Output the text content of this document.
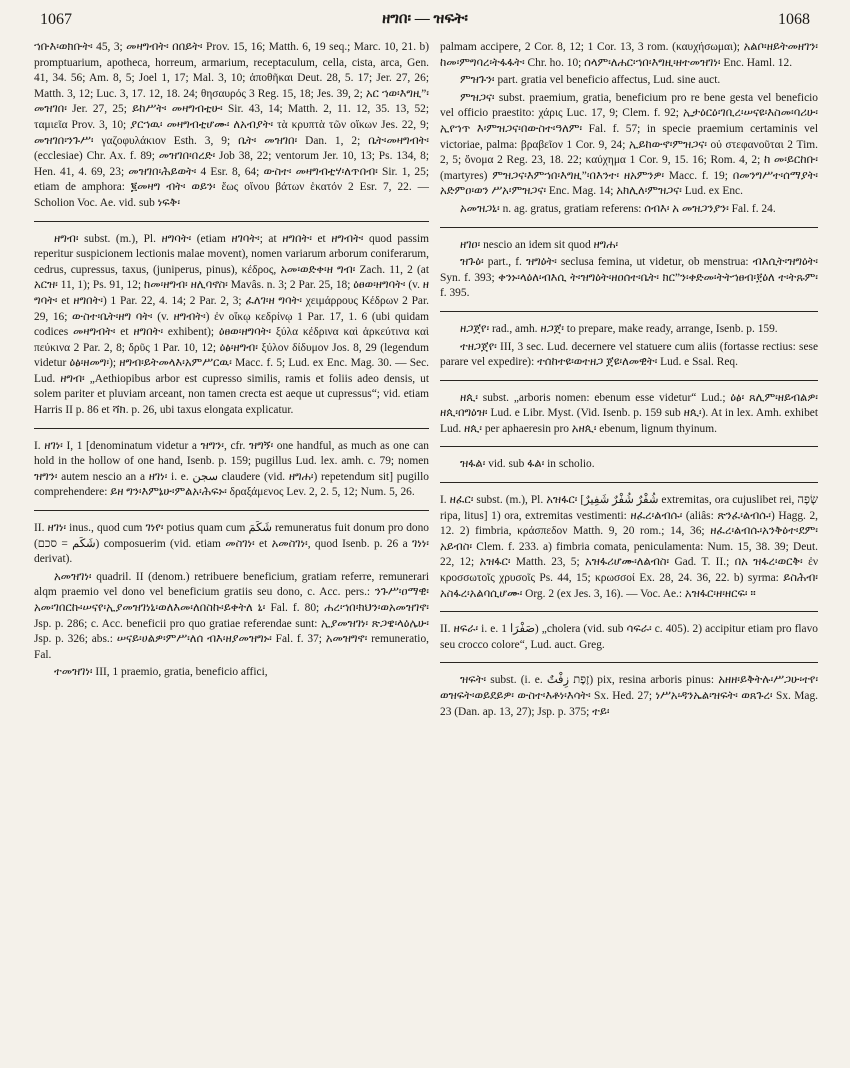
1067	ዘግበ፡ — ዝፍት፡	1068

ኀቡእ፡ወክቡት፡ 45, 3; መዛግብት፡ በበይት፡ Prov. 15, 16; Matth. 6, 19 seq.; Marc. 10, 21. b) promptuarium, apotheca, horreum, armarium, receptaculum, cella, cista, arca, Gen. 41, 34. 56; Am. 8, 5; Joel 1, 17; Mal. 3, 10; ἀποθῆκαι Deut. 28, 5. 17; Jer. 27, 26; Matth. 3, 12; Luc. 3, 17. 12, 18. 24; θησαυρός 3 Reg. 15, 18; Jes. 39, 2; አር ኀወ፡እግዚ”፡ መዝገበ፡ Jer. 27, 25; ይከሥት፡ መዛግብቲሁ፡ Sir. 43, 14; Matth. 2, 11. 12, 35. 13, 52; ταμιεῖα Prov. 3, 10; ያርኀዉ፡ መዛግብቲሆሙ፡ ለአብያት፡ τὰ κρυπτὰ τῶν οἴκων Jes. 22, 9; መዝገበ፡ንጉሥ፡ γαζοφυλάκιον Esth. 3, 9; ቤት፡ መዝገበ፡ Dan. 1, 2; ቤት፡መዛግብት፡ (ecclesiae) Chr. Ax. f. 89; መዝገበ፡በረድ፡ Job 38, 22; ventorum Jer. 10, 13; Ps. 134, 8; Hen. 41, 4. 69, 23; መዝገበ፡ሕይወት፡ 4 Esr. 8, 64; ውስተ፡ መዛግብቲሃ፡ለጥበብ፡ Sir. 1, 25; etiam de amphora: ፪መዛግ ብት፡ ወይን፡ ἕως οἴνου βάτων ἑκατόν 2 Esr. 7, 22. — Scholion Voc. Ae. vid. sub ነፍቅ፡

ዘግብ፡ subst. (m.), Pl. ዘግባት፡ (etiam ዘገባት፡; at ዘግበት፡ et ዘግብት፡ quod passim reperitur suspicionem lectionis malae movent), nomen variarum arborum coniferarum, cedrus, cupressus, taxus, (juniperus, pinus), κέδρος, አመ፡ወድቀ፡ዘ ግብ፡ Zach. 11, 2 (at አርዝ፡ 11, 1); Ps. 91, 12; ከመ፡ዘግብ፡ ዘሊባኖስ፡ Mavâs. n. 3; 2 Par. 25, 18; ዕፀወ፡ዘግባት፡ (v. ዘ ግባት፡ et ዘግበት፡) 1 Par. 22, 4. 14; 2 Par. 2, 3; ፈለገ፡ዘ ግባት፡ χειμάρρους Κέδρων 2 Par. 29, 16; ውስተ፡ቤት፡ዘግ ባት፡ (v. ዘግብት፡) ἐν οἴκῳ κεδρίνῳ 1 Par. 17, 1. 6 (ubi quidam codices መዛግብት፡ et ዘግበት፡ exhibent); ዕፀወ፡ዘግባት፡ ξύλα κέδρινα καὶ ἀρκεύτινα καὶ πεύκινα 2 Par. 2, 8; δρῦς 1 Par. 10, 12; ዕፅ፡ዘግብ፡ ξύλον δίδυμον Jos. 8, 29 (legendum videtur ዕፅ፡ዘመግ፡); ዘግብ፡ይትመላእ፡አምሥርዉ፡ Macc. f. 5; Lud. ex Enc. Mag. 30. — Sec. Lud. ዘግብ፡ „Aethiopibus arbor est cupresso similis, ramis et foliis adeo densis, ut solem pariter et pluviam arceant, non tamen crecta est aeque ut cupressus“; vid. etiam Harris II p. 86 et ሻክ. p. 26, ubi taxus elongata explicatur.

I. ዘገነ፡ I, 1 [denominatum videtur a ዝግን፡, cfr. ዝግኝ፡ one handful, as much as one can hold in the hollow of one hand, Isenb. p. 159; pugillus Lud. lex. amh. c. 79; nomen ዝግን፡ autem nescio an a ዘገነ፡ i. e. سجن claudere (vid. ዘግሐ፡) repetendum sit] pugillo comprehendere: ይዘ ግን፡እምኔሁ፡ምልአ፡ሕፍኑ፡ δραξάμενος Lev. 2, 2. 5, 12; Num. 5, 26.

II. ዘገነ፡ inus., quod cum ገነየ፡ potius quam cum شَكَمَ remuneratus fuit donum pro dono (شَكَم = סכם) composuerim (vid. etiam መስገነ፡ et አመስገነ፡, quod Isenb. p. 26 a ገነነ፡ derivat).

አመዝገነ፡ quadril. II (denom.) retribuere beneficium, gratiam referre, remunerari alqm praemio vel dono vel beneficium gratiis seu dono, c. Acc. pers.: ንጉሥ፡ዐማዊ፡ አመ፡ገበርኩ፡ሠናየ፡ኢያመዝገነኒ፡ወለእመ፡ለበስኩ፡ይቀትለ ኒ፡ Fal. f. 80; ሐረ፡ኀበ፡ክህን፡ወአመዝገኖ፡ Jsp. p. 286; c. Acc. beneficii pro quo gratiae referendae sunt: ኢያመዝገነ፡ ጽጋዌ፡ላዕሌሁ፡ Jsp. p. 326; abs.: ሠናይ፡ሀልዎ፡ምሥ፡ለሰ ብእ፡ዘያመዝግኑ፡ Fal. f. 37; አመዝግኖ፡ remuneratio, Fal.

ተመዝገነ፡ III, 1 praemio, gratia, beneficio affici,

palmam accipere, 2 Cor. 8, 12; 1 Cor. 13, 3 rom. (καυχήσωμαι); አልቦ፡ዘይትመዘገን፡ከመ፡ምግባረ፡ትፋፋት፡ Chr. ho. 10; ሰላም፡ለሐር፡ኀበ፡እግዚ፡ዘተመዝገነ፡ Enc. Haml. 12.

ምዝጉን፡ part. gratia vel beneficio affectus, Lud. sine auct.

ምዝጋና፡ subst. praemium, gratia, beneficium pro re bene gesta vel beneficio vel officio praestito: χάρις Luc. 17, 9; Clem. f. 92; ኢታዕርዕ፡ገቢረ፡ሠናዩ፡እስመ፡ባሪሁ፡ኢየኀጥ እ፡ምዝጋና፡በውስተ፡ዓለም፡ Fal. f. 57; in specie praemium certaminis vel victoriae, palma: βραβεῖον 1 Cor. 9, 24; ኢይከውኖ፡ምዝጋና፡ οὐ στεφανοῦται 2 Tim. 2, 5; ὄνομα 2 Reg. 23, 18. 22; καύχημα 1 Cor. 9, 15. 16; Rom. 4, 2; ከ መ፡ይርከቡ፡ (martyres) ምዝጋና፡እምኀበ፡እግዚ”፡በእንተ፡ ዘአምንዎ፡ Macc. f. 19; በመንግሥተ፡ሰማያት፡አድምዐ፡ወን ሥአ፡ምዝጋና፡ Enc. Mag. 14; አክሊለ፡ምዝጋና፡ Lud. ex Enc.

አመዝጋኒ፡ n. ag. gratus, gratiam referens: ሰብእ፡ አ መዝጋንያን፡ Fal. f. 24.

ዘገዐ፡ nescio an idem sit quod ዘግሐ፡

ዝጉዕ፡ part., f. ዝግዕት፡ seclusa femina, ut videtur, ob menstrua: ብእሲት፡ዝግዕት፡ Syn. f. 393; ቀንኑ፡ላዕለ፡ብእሲ ት፡ዝግዕት፡ዘዐሰተ፡ቤት፡ ክር”ን፡ቀድመ፡ትትኀፀብ፡፻ዕለ ተ፡ትጹም፡ f. 395.

ዘጋጀየ፡ rad., amh. ዘጋጀ፡ to prepare, make ready, arrange, Isenb. p. 159.

ተዘጋጀየ፡ III, 3 sec. Lud. decernere vel statuere cum aliis (fortasse rectius: sese parare vel expedire): ተሰከተዩ፡ወተዘጋ ጀዩ፡ለመዊት፡ Lud. e Ssal. Req.

ዘጲ፡ subst. „arboris nomen: ebenum esse videtur“ Lud.; ዕፅ፡ ጸሊም፡ዘይብልዎ፡ዘጲ፡በግዕዝ፡ Lud. e Libr. Myst. (Vid. Isenb. p. 159 sub ዘጲ፡). At in lex. Amh. exhibet Lud. ዘጲ፡ per aphaeresin pro አዘጲ፡ ebenum, lignum thyinum.

ዝፋል፡ vid. sub ፋል፡ in scholio.

I. ዘፈር፡ subst. (m.), Pl. አዝፋር፡ [شُفْرٌ شُفْرٌ شَفِيرٌ extremitas, ora cujuslibet rei, שָׂפָה ripa, litus] 1) ora, extremitas vestimenti: ዘፈረ፡ልብሱ፡ (aliâs: ጽንፈ፡ልብሱ፡) Hagg. 2, 12. 2) fimbria, κράσπεδον Matth. 9, 20 rom.; 14, 36; ዘፈረ፡ልብሱ፡አንቅዕተ፡ደም፡አይብስ፡ Clem. f. 233. a) fimbria comata, peniculamenta: Num. 15, 38. 39; Deut. 22, 12; አዝፋር፡ Matth. 23, 5; አዝፋሪሆሙ፡ለልብስ፡ Gad. T. II.; በአ ዝፋረ፡ወርቅ፡ ἐν κροσσωτοῖς χρυσοῖς Ps. 44, 15; κρωσσοί Ex. 28, 24. 36, 22. b) syrma: ይስሕብ፡አስፋረ፡አልባሲሆሙ፡ Org. 2 (ex Jes. 3, 16). — Voc. Ae.: አዝፋር፡ዘ፡ዘርፍ፡ ።

II. ዘፍራ፡ i. e. صَفْرَا 1) „cholera (vid. sub ሳፍራ፡ c. 405). 2) accipitur etiam pro flavo seu crocco colore“, Lud. auct. Greg.

ዝፍት፡ subst. (i. e. זֶפֶת زِفْتٌ) pix, resina arboris pinus: አዘዘ፡ይቅትሉ፡ሥጋሁ፡ተየ፡ወዝፍት፡ወይደይዎ፡ ውስተ፡እቶነ፡እሳት፡ Sx. Hed. 27; ነሥአ፡ዳንኤል፡ዝፍት፡ ወጸጉረ፡ Sx. Mag. 23 (Dan. ap. 13, 27); Jsp. p. 375; ተይ፡
